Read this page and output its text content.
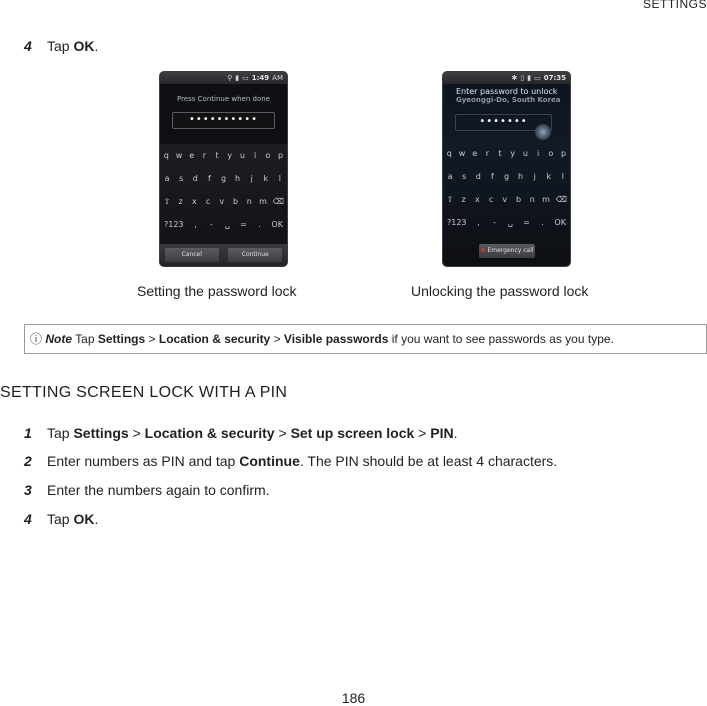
SETTINGS
4 Tap OK.
⚲ ▮ ▭ 1:49 AM
Press Continue when done
••••••••••
q w e r	t	y u	i	o p
a s d	f	g h	j	k	l
⇧ z x c v b n m ⌫
?123	,	-	␣ =	.	OK
Cancel	Continue
✱ ▯ ▮ ▭ 07:35
Enter password to unlock
Gyeonggi-Do, South Korea
•••••••
q w e r	t	y u	i	o p
a s d	f	g h	j	k	l
⇧ z x c v b n m ⌫
?123	,	-	␣ =	.	OK
✚ Emergency call
Setting the password lock	Unlocking the password lock
ⓘ Note Tap Settings > Location & security > Visible passwords if you want to see passwords as you type.
SETTING SCREEN LOCK WITH A PIN
1 Tap Settings > Location & security > Set up screen lock > PIN.
2 Enter numbers as PIN and tap Continue. The PIN should be at least 4 characters.
3 Enter the numbers again to confirm.
4 Tap OK.
186
